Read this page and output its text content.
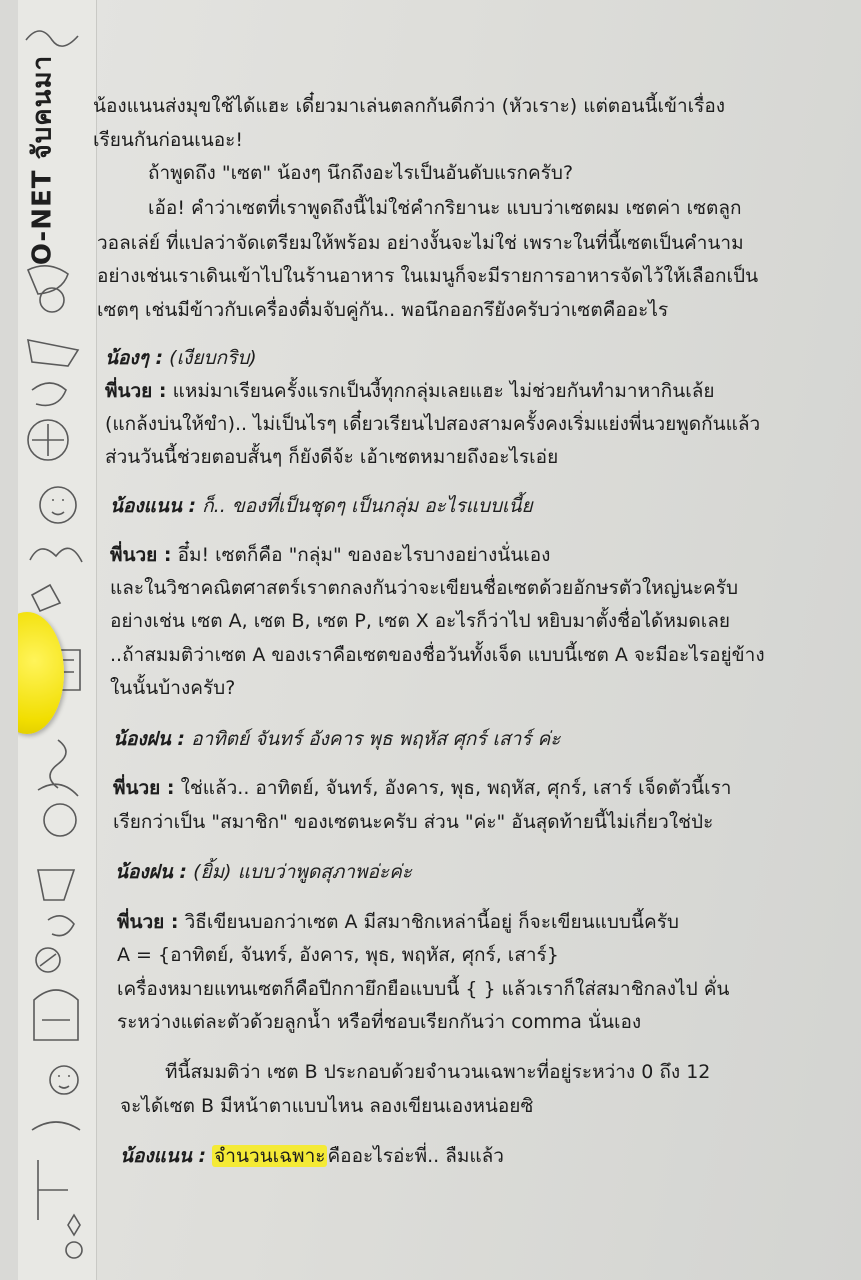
O-NET จับคนมา น้องแนนส่งมุขใช้ได้แฮะ เดี๋ยวมาเล่นตลกกันดีกว่า (หัวเราะ) แต่ตอนนี้เข้าเรื่อง
เรียนกันก่อนเนอะ!
ถ้าพูดถึง "เซต" น้องๆ นึกถึงอะไรเป็นอันดับแรกครับ?
เอ้อ! คำว่าเซตที่เราพูดถึงนี้ไม่ใช่คำกริยานะ แบบว่าเซตผม เซตค่า เซตลูก
วอลเล่ย์ ที่แปลว่าจัดเตรียมให้พร้อม อย่างงั้นจะไม่ใช่ เพราะในที่นี้เซตเป็นคำนาม
อย่างเช่นเราเดินเข้าไปในร้านอาหาร ในเมนูก็จะมีรายการอาหารจัดไว้ให้เลือกเป็น
เซตๆ เช่นมีข้าวกับเครื่องดื่มจับคู่กัน.. พอนึกออกรึยังครับว่าเซตคืออะไร
น้องๆ : (เงียบกริบ)
พี่นวย : แหม่มาเรียนครั้งแรกเป็นงี้ทุกกลุ่มเลยแฮะ ไม่ช่วยกันทำมาหากินเล้ย
(แกล้งบ่นให้ขำ).. ไม่เป็นไรๆ เดี๋ยวเรียนไปสองสามครั้งคงเริ่มแย่งพี่นวยพูดกันแล้ว
ส่วนวันนี้ช่วยตอบสั้นๆ ก็ยังดีจ้ะ เอ้าเซตหมายถึงอะไรเอ่ย
น้องแนน : ก็.. ของที่เป็นชุดๆ เป็นกลุ่ม อะไรแบบเนี้ย
พี่นวย : อึ๋ม! เซตก็คือ "กลุ่ม" ของอะไรบางอย่างนั่นเอง
และในวิชาคณิตศาสตร์เราตกลงกันว่าจะเขียนชื่อเซตด้วยอักษรตัวใหญ่นะครับ
อย่างเช่น เซต A, เซต B, เซต P, เซต X อะไรก็ว่าไป หยิบมาตั้งชื่อได้หมดเลย
..ถ้าสมมติว่าเซต A ของเราคือเซตของชื่อวันทั้งเจ็ด แบบนี้เซต A จะมีอะไรอยู่ข้าง
ในนั้นบ้างครับ?
น้องฝน : อาทิตย์ จันทร์ อังคาร พุธ พฤหัส ศุกร์ เสาร์ ค่ะ
พี่นวย : ใช่แล้ว.. อาทิตย์, จันทร์, อังคาร, พุธ, พฤหัส, ศุกร์, เสาร์ เจ็ดตัวนี้เรา
เรียกว่าเป็น "สมาชิก" ของเซตนะครับ ส่วน "ค่ะ" อันสุดท้ายนี้ไม่เกี่ยวใช่ป่ะ
น้องฝน : (ยิ้ม) แบบว่าพูดสุภาพอ่ะค่ะ
พี่นวย : วิธีเขียนบอกว่าเซต A มีสมาชิกเหล่านี้อยู่ ก็จะเขียนแบบนี้ครับ
A = {อาทิตย์, จันทร์, อังคาร, พุธ, พฤหัส, ศุกร์, เสาร์}
เครื่องหมายแทนเซตก็คือปีกกายึกยือแบบนี้ { } แล้วเราก็ใส่สมาชิกลงไป คั่น
ระหว่างแต่ละตัวด้วยลูกน้ำ หรือที่ชอบเรียกกันว่า comma นั่นเอง
ทีนี้สมมติว่า เซต B ประกอบด้วยจำนวนเฉพาะที่อยู่ระหว่าง 0 ถึง 12
จะได้เซต B มีหน้าตาแบบไหน ลองเขียนเองหน่อยซิ
น้องแนน : จำนวนเฉพาะ คืออะไรอ่ะพี่.. ลืมแล้ว
